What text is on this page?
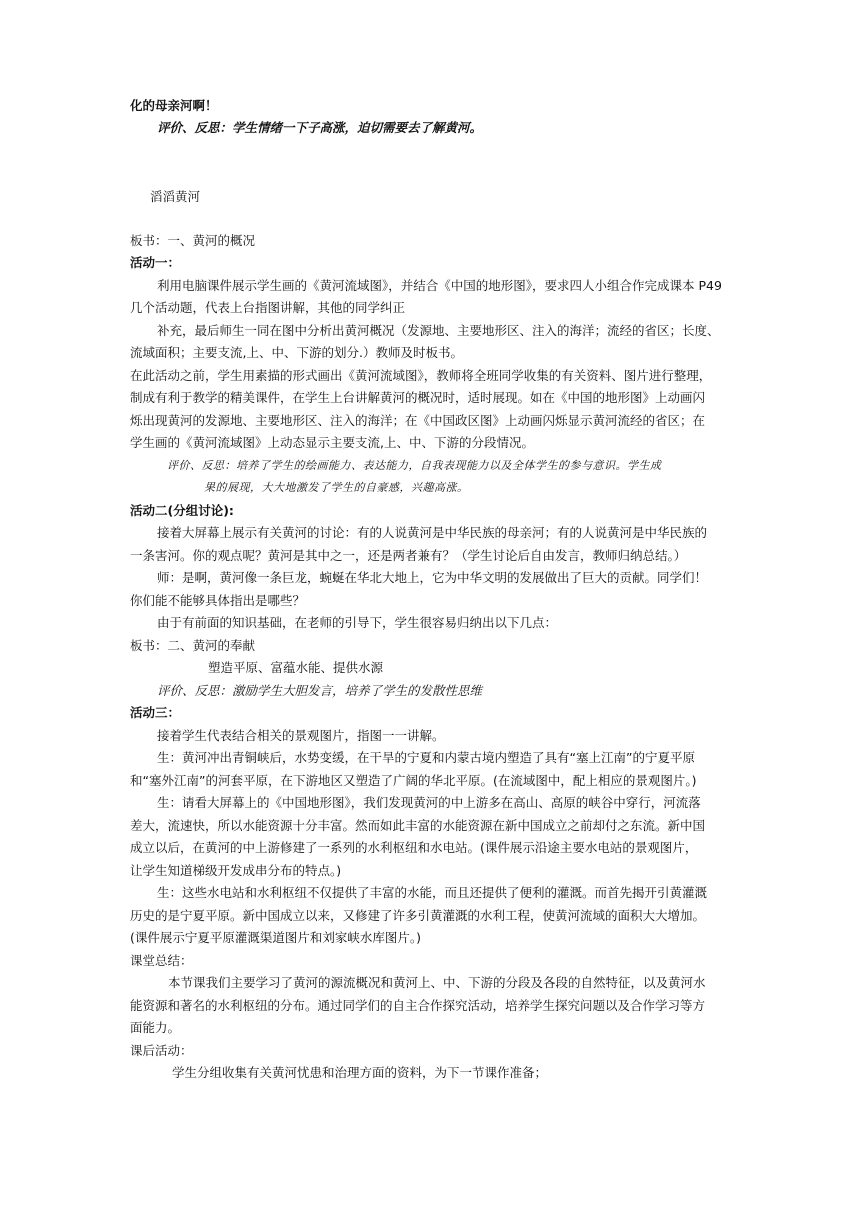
化的母亲河啊！
评价、反思：学生情绪一下子高涨，迫切需要去了解黄河。
滔滔黄河
板书：一、黄河的概况
活动一：
利用电脑课件展示学生画的《黄河流域图》，并结合《中国的地形图》，要求四人小组合作完成课本 P49
几个活动题，代表上台指图讲解，其他的同学纠正
补充，最后师生一同在图中分析出黄河概况（发源地、主要地形区、注入的海洋；流经的省区；长度、
流域面积；主要支流,上、中、下游的划分.）教师及时板书。
在此活动之前，学生用素描的形式画出《黄河流域图》，教师将全班同学收集的有关资料、图片进行整理，
制成有利于教学的精美课件，在学生上台讲解黄河的概况时，适时展现。如在《中国的地形图》上动画闪
烁出现黄河的发源地、主要地形区、注入的海洋；在《中国政区图》上动画闪烁显示黄河流经的省区；在
学生画的《黄河流域图》上动态显示主要支流,上、中、下游的分段情况。
评价、反思：培养了学生的绘画能力、表达能力，自我表现能力以及全体学生的参与意识。学生成
果的展现，大大地激发了学生的自豪感，兴趣高涨。
活动二(分组讨论):
接着大屏幕上展示有关黄河的讨论：有的人说黄河是中华民族的母亲河；有的人说黄河是中华民族的
一条害河。你的观点呢？黄河是其中之一，还是两者兼有？（学生讨论后自由发言，教师归纳总结。）
师：是啊，黄河像一条巨龙，蜿蜒在华北大地上，它为中华文明的发展做出了巨大的贡献。同学们！
你们能不能够具体指出是哪些？
由于有前面的知识基础，在老师的引导下，学生很容易归纳出以下几点：
板书：二、黄河的奉献
塑造平原、富蕴水能、提供水源
评价、反思：激励学生大胆发言，培养了学生的发散性思维
活动三：
接着学生代表结合相关的景观图片，指图一一讲解。
生：黄河冲出青铜峡后，水势变缓，在干旱的宁夏和内蒙古境内塑造了具有“塞上江南”的宁夏平原
和“塞外江南”的河套平原，在下游地区又塑造了广阔的华北平原。(在流域图中，配上相应的景观图片。)
生：请看大屏幕上的《中国地形图》，我们发现黄河的中上游多在高山、高原的峡谷中穿行，河流落
差大，流速快，所以水能资源十分丰富。然而如此丰富的水能资源在新中国成立之前却付之东流。新中国
成立以后，在黄河的中上游修建了一系列的水利枢纽和水电站。(课件展示沿途主要水电站的景观图片，
让学生知道梯级开发成串分布的特点。)
生：这些水电站和水利枢纽不仅提供了丰富的水能，而且还提供了便利的灌溉。而首先揭开引黄灌溉
历史的是宁夏平原。新中国成立以来，又修建了许多引黄灌溉的水利工程，使黄河流域的面积大大增加。
(课件展示宁夏平原灌溉渠道图片和刘家峡水库图片。)
课堂总结：
本节课我们主要学习了黄河的源流概况和黄河上、中、下游的分段及各段的自然特征，以及黄河水
能资源和著名的水利枢纽的分布。通过同学们的自主合作探究活动，培养学生探究问题以及合作学习等方
面能力。
课后活动：
学生分组收集有关黄河忧患和治理方面的资料，为下一节课作准备；
